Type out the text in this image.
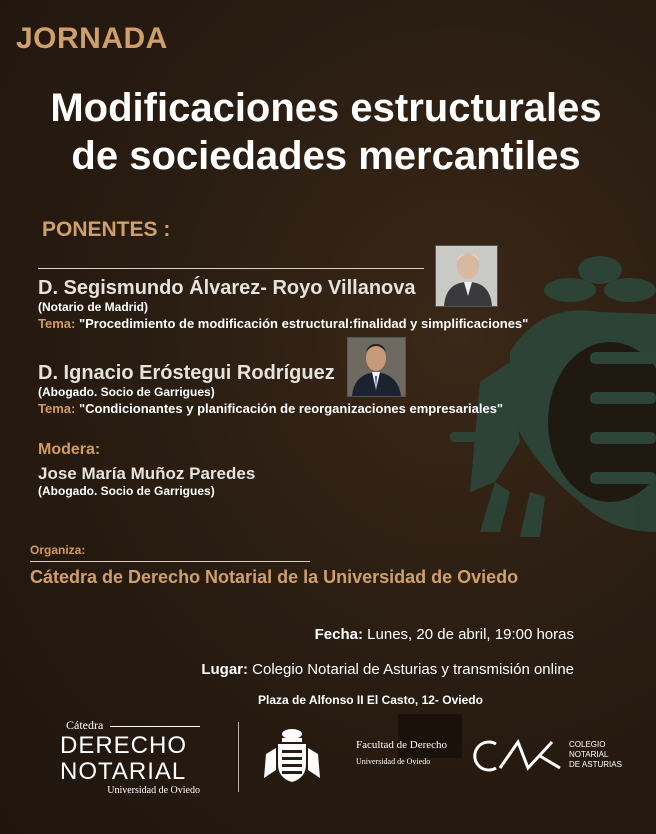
JORNADA
Modificaciones estructurales
de sociedades mercantiles
PONENTES :
D. Segismundo Álvarez- Royo Villanova
(Notario de Madrid)
Tema: "Procedimiento de modificación estructural:finalidad y simplificaciones"
D. Ignacio Eróstegui Rodríguez
(Abogado. Socio de Garrigues)
Tema: "Condicionantes y planificación de reorganizaciones empresariales"
Modera:
Jose María Muñoz Paredes
(Abogado. Socio de Garrigues)
Organiza:
Cátedra de Derecho Notarial de la Universidad de Oviedo
Fecha: Lunes, 20 de abril, 19:00 horas
Lugar: Colegio Notarial de Asturias y transmisión online
Plaza de Alfonso II El Casto, 12- Oviedo
Cátedra
DERECHO
NOTARIAL
Universidad de Oviedo
Facultad de Derecho
Universidad de Oviedo
COLEGIO
NOTARIAL
DE ASTURIAS
